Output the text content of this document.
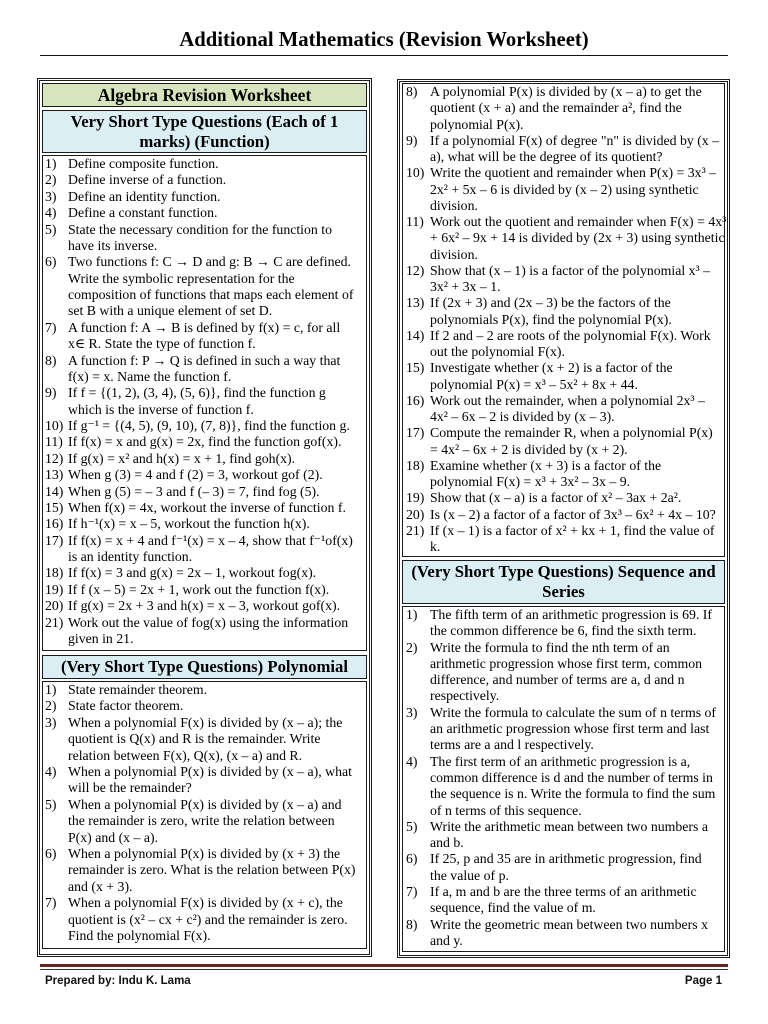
Additional Mathematics (Revision Worksheet)
Algebra Revision Worksheet
Very Short Type Questions (Each of 1 marks) (Function)
1) Define composite function.
2) Define inverse of a function.
3) Define an identity function.
4) Define a constant function.
5) State the necessary condition for the function to
have its inverse.
6) Two functions f: C → D and g: B → C are defined.
Write the symbolic representation for the
composition of functions that maps each element of
set B with a unique element of set D.
7) A function f: A → B is defined by f(x) = c, for all
x∈ R. State the type of function f.
8) A function f: P → Q is defined in such a way that
f(x) = x. Name the function f.
9) If f = {(1, 2), (3, 4), (5, 6)}, find the function g
which is the inverse of function f.
10) If g⁻¹ = {(4, 5), (9, 10), (7, 8)}, find the function g.
11) If f(x) = x and g(x) = 2x, find the function gof(x).
12) If g(x) = x² and h(x) = x + 1, find goh(x).
13) When g (3) = 4 and f (2) = 3, workout gof (2).
14) When g (5) = – 3 and f (– 3) = 7, find fog (5).
15) When f(x) = 4x, workout the inverse of function f.
16) If h⁻¹(x) = x – 5, workout the function h(x).
17) If f(x) = x + 4 and f⁻¹(x) = x – 4, show that f⁻¹of(x)
is an identity function.
18) If f(x) = 3 and g(x) = 2x – 1, workout fog(x).
19) If f (x – 5) = 2x + 1, work out the function f(x).
20) If g(x) = 2x + 3 and h(x) = x – 3, workout gof(x).
21) Work out the value of fog(x) using the information
given in 21.
(Very Short Type Questions) Polynomial
1) State remainder theorem.
2) State factor theorem.
3) When a polynomial F(x) is divided by (x – a); the
quotient is Q(x) and R is the remainder. Write
relation between F(x), Q(x), (x – a) and R.
4) When a polynomial P(x) is divided by (x – a), what
will be the remainder?
5) When a polynomial P(x) is divided by (x – a) and
the remainder is zero, write the relation between
P(x) and (x – a).
6) When a polynomial P(x) is divided by (x + 3) the
remainder is zero. What is the relation between P(x)
and (x + 3).
7) When a polynomial F(x) is divided by (x + c), the
quotient is (x² – cx + c²) and the remainder is zero.
Find the polynomial F(x).
8) A polynomial P(x) is divided by (x – a) to get the
quotient (x + a) and the remainder a², find the
polynomial P(x).
9) If a polynomial F(x) of degree "n" is divided by (x –
a), what will be the degree of its quotient?
10) Write the quotient and remainder when P(x) = 3x³ –
2x² + 5x – 6 is divided by (x – 2) using synthetic
division.
11) Work out the quotient and remainder when F(x) = 4x³
+ 6x² – 9x + 14 is divided by (2x + 3) using synthetic
division.
12) Show that (x – 1) is a factor of the polynomial x³ –
3x² + 3x – 1.
13) If (2x + 3) and (2x – 3) be the factors of the
polynomials P(x), find the polynomial P(x).
14) If 2 and – 2 are roots of the polynomial F(x). Work
out the polynomial F(x).
15) Investigate whether (x + 2) is a factor of the
polynomial P(x) = x³ – 5x² + 8x + 44.
16) Work out the remainder, when a polynomial 2x³ –
4x² – 6x – 2 is divided by (x – 3).
17) Compute the remainder R, when a polynomial P(x)
= 4x² – 6x + 2 is divided by (x + 2).
18) Examine whether (x + 3) is a factor of the
polynomial F(x) = x³ + 3x² – 3x – 9.
19) Show that (x – a) is a factor of x² – 3ax + 2a².
20) Is (x – 2) a factor of a factor of 3x³ – 6x² + 4x – 10?
21) If (x – 1) is a factor of x² + kx + 1, find the value of
k.
(Very Short Type Questions) Sequence and Series
1) The fifth term of an arithmetic progression is 69. If
the common difference be 6, find the sixth term.
2) Write the formula to find the nth term of an
arithmetic progression whose first term, common
difference, and number of terms are a, d and n
respectively.
3) Write the formula to calculate the sum of n terms of
an arithmetic progression whose first term and last
terms are a and l respectively.
4) The first term of an arithmetic progression is a,
common difference is d and the number of terms in
the sequence is n. Write the formula to find the sum
of n terms of this sequence.
5) Write the arithmetic mean between two numbers a
and b.
6) If 25, p and 35 are in arithmetic progression, find
the value of p.
7) If a, m and b are the three terms of an arithmetic
sequence, find the value of m.
8) Write the geometric mean between two numbers x
and y.
Prepared by: Indu K. Lama	Page 1
